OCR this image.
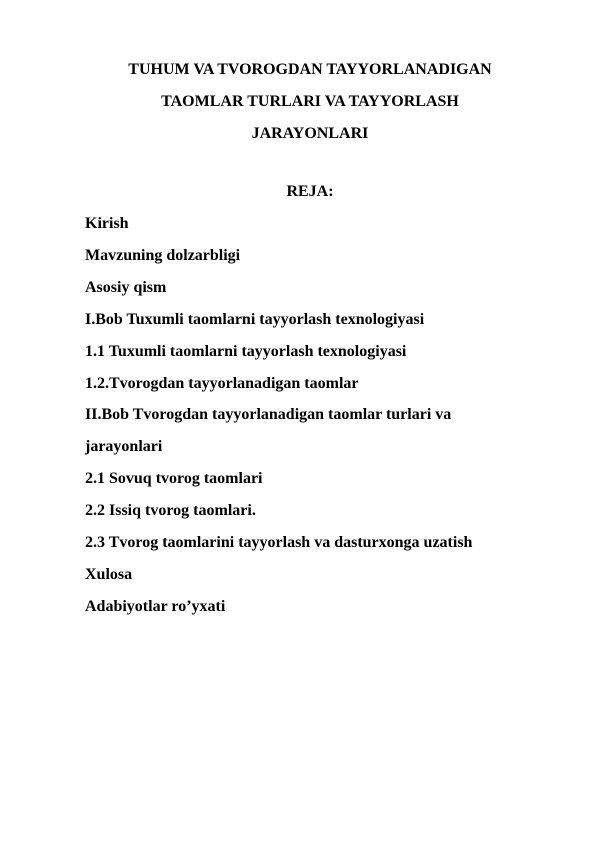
TUHUM VA TVOROGDAN TAYYORLANADIGAN
TAOMLAR TURLARI VA TAYYORLASH
JARAYONLARI
REJA:
Kirish
Mavzuning dolzarbligi
Asosiy qism
I.Bob Tuxumli taomlarni tayyorlash texnologiyasi
1.1 Tuxumli taomlarni tayyorlash texnologiyasi
1.2.Tvorogdan tayyorlanadigan taomlar
II.Bob Tvorogdan tayyorlanadigan taomlar turlari va
jarayonlari
2.1 Sovuq tvorog taomlari
2.2 Issiq tvorog taomlari.
2.3 Tvorog taomlarini tayyorlash va dasturxonga uzatish
Xulosa
Adabiyotlar ro’yxati
